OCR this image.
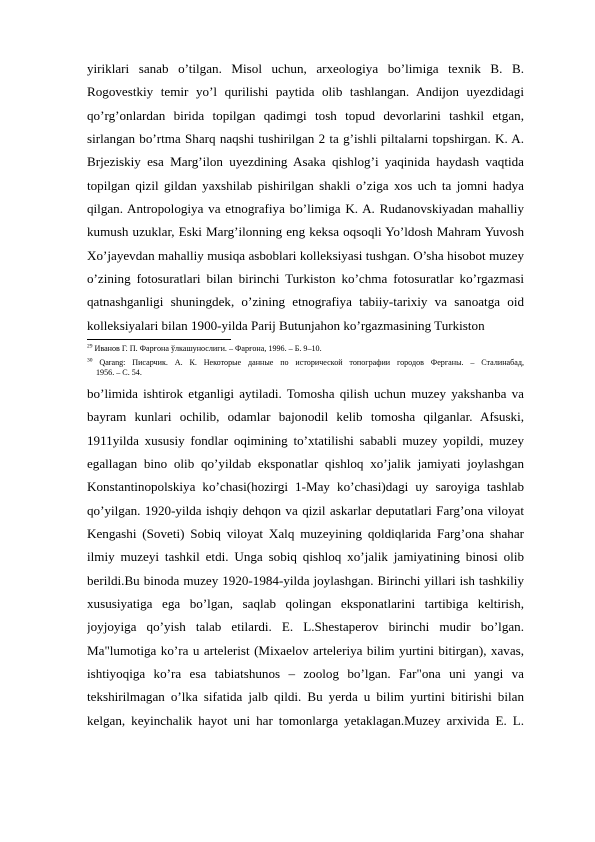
yiriklari sanab o’tilgan. Misol uchun, arxeologiya bo’limiga texnik B. B.
Rogovestkiy temir yo’l qurilishi paytida olib tashlangan. Andijon uyezdidagi
qo’rg’onlardan birida topilgan qadimgi tosh topud devorlarini tashkil etgan,
sirlangan bo’rtma Sharq naqshi tushirilgan 2 ta g’ishli piltalarni topshirgan. K. A.
Brjeziskiy esa Marg’ilon uyezdining Asaka qishlog’i yaqinida haydash vaqtida
topilgan qizil gildan yaxshilab pishirilgan shakli o’ziga xos uch ta jomni hadya
qilgan. Antropologiya va etnografiya bo’limiga K. A. Rudanovskiyadan mahalliy
kumush uzuklar, Eski Marg’ilonning eng keksa oqsoqli Yo’ldosh Mahram Yuvosh
Xo’jayevdan mahalliy musiqa asboblari kolleksiyasi tushgan. O’sha hisobot muzey
o’zining fotosuratlari bilan birinchi Turkiston ko’chma fotosuratlar ko’rgazmasi
qatnashganligi shuningdek, o’zining etnografiya tabiiy-tarixiy va sanoatga oid
kolleksiyalari bilan 1900-yilda Parij Butunjahon ko’rgazmasining Turkiston

$^{29}$ Иванов Г. П. Фарғона ўлкашунослиги. – Фарғона, 1996. – Б. 9–10.
$^{30}$ Qarang: Писарчик. А. К. Некоторые данные по исторической топографии городов Ферганы. – Сталинабад,
1956. – С. 54.

bo’limida ishtirok etganligi aytiladi. Tomosha qilish uchun muzey yakshanba va
bayram kunlari ochilib, odamlar bajonodil kelib tomosha qilganlar. Afsuski,
1911yilda xususiy fondlar oqimining to’xtatilishi sababli muzey yopildi, muzey
egallagan bino olib qo’yildab eksponatlar qishloq xo’jalik jamiyati joylashgan
Konstantinopolskiya ko’chasi(hozirgi 1-May ko’chasi)dagi uy saroyiga tashlab
qo’yilgan. 1920-yilda ishqiy dehqon va qizil askarlar deputatlari Farg’ona viloyat
Kengashi (Soveti) Sobiq viloyat Xalq muzeyining qoldiqlarida Farg’ona shahar
ilmiy muzeyi tashkil etdi. Unga sobiq qishloq xo’jalik jamiyatining binosi olib
berildi.Bu binoda muzey 1920-1984-yilda joylashgan. Birinchi yillari ish tashkiliy
xususiyatiga ega bo’lgan, saqlab qolingan eksponatlarini tartibiga keltirish,
joyjoyiga qo’yish talab etilardi. E. L.Shestaperov birinchi mudir bo’lgan.
Ma"lumotiga ko’ra u artelerist (Mixaelov arteleriya bilim yurtini bitirgan), xavas,
ishtiyoqiga ko’ra esa tabiatshunos – zoolog bo’lgan. Far"ona uni yangi va
tekshirilmagan o’lka sifatida jalb qildi. Bu yerda u bilim yurtini bitirishi bilan
kelgan, keyinchalik hayot uni har tomonlarga yetaklagan.Muzey arxivida E. L.
